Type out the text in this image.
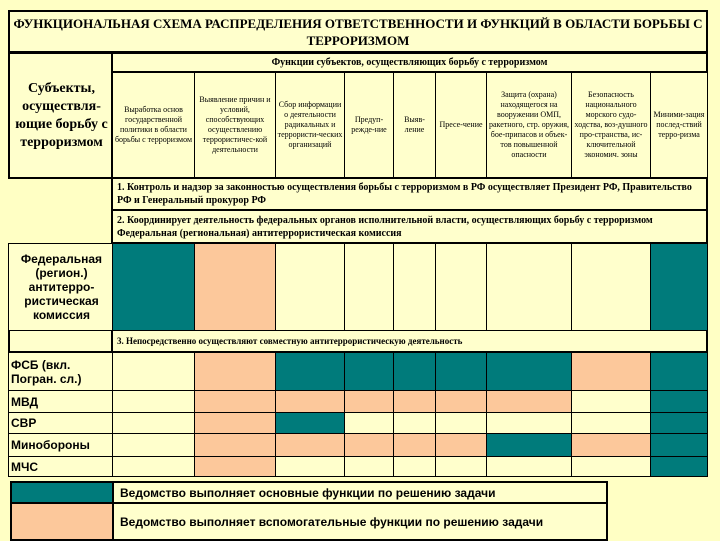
ФУНКЦИОНАЛЬНАЯ СХЕМА РАСПРЕДЕЛЕНИЯ ОТВЕТСТВЕННОСТИ И ФУНКЦИЙ В ОБЛАСТИ БОРЬБЫ С ТЕРРОРИЗМОМ
Субъекты, осуществля-ющие борьбу с терроризмом
Функции субъектов, осуществляющих борьбу с терроризмом
Выработка основ государственной политики в области борьбы с терроризмом
Выявление причин и условий, способствующих осуществлению террористичес-кой деятельности
Сбор информации о деятельности радикальных и террористи-ческих организаций
Предуп-режде-ние
Выяв-ление
Пресе-чение
Защита (охрана) находящегося на вооружении ОМП, ракетного, стр. оружия, бое-припасов и объек-тов повышенной опасности
Безопасность национального морского судо-ходства, воз-душного про-странства, ис-ключительной экономич. зоны
Миними-зация послед-ствий терро-ризма
1. Контроль и надзор за законностью осуществления борьбы с терроризмом в РФ осуществляет Президент РФ, Правительство РФ и Генеральный прокурор РФ
2. Координирует деятельность федеральных органов исполнительной власти, осуществляющих борьбу с терроризмом Федеральная (региональная) антитеррористическая комиссия
3. Непосредственно осуществляют совместную антитеррористическую деятельность
Федеральная (регион.) антитерро-ристическая комиссия
ФСБ (вкл. Погран. сл.)
МВД
СВР
Минобороны
МЧС
Ведомство выполняет основные функции по решению задачи
Ведомство выполняет вспомогательные функции по решению задачи
